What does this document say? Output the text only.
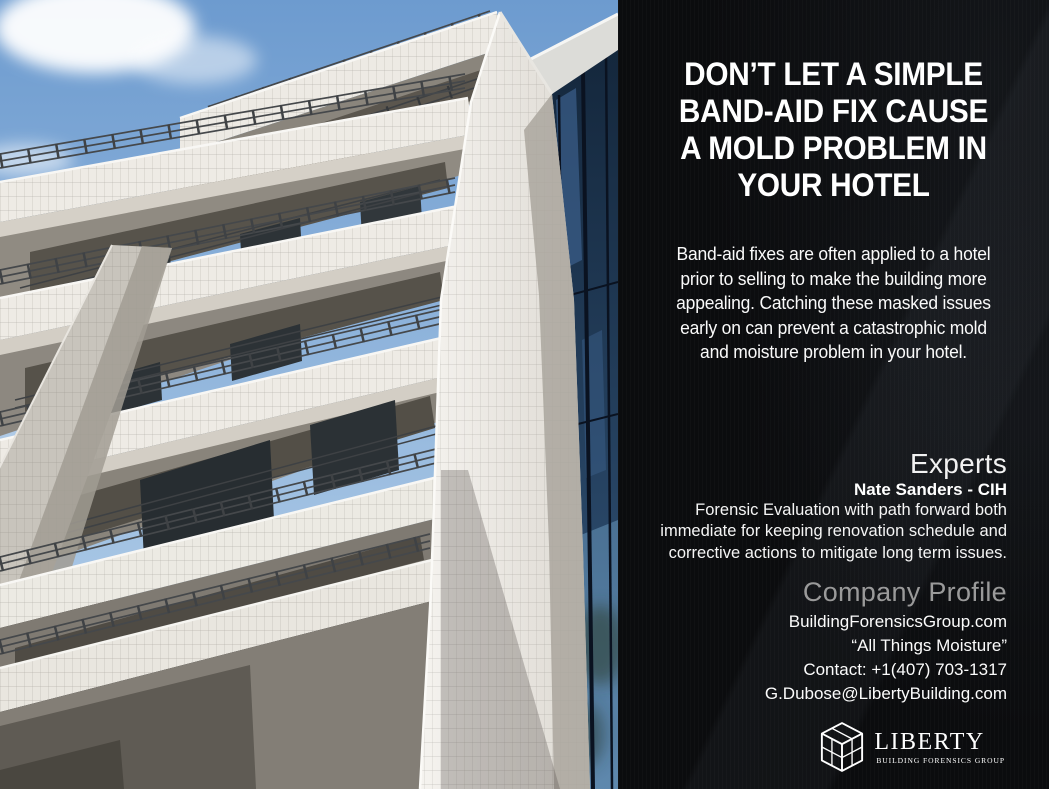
DON’T LET A SIMPLE
BAND-AID FIX CAUSE
A MOLD PROBLEM IN
YOUR HOTEL
Band-aid fixes are often applied to a hotel
prior to selling to make the building more
appealing. Catching these masked issues
early on can prevent a catastrophic mold
and moisture problem in your hotel.
Experts
Nate Sanders - CIH
Forensic Evaluation with path forward both
immediate for keeping renovation schedule and
corrective actions to mitigate long term issues.
Company Profile
BuildingForensicsGroup.com
“All Things Moisture”
Contact: +1(407) 703-1317
G.Dubose@LibertyBuilding.com
LIBERTY
BUILDING FORENSICS GROUP
